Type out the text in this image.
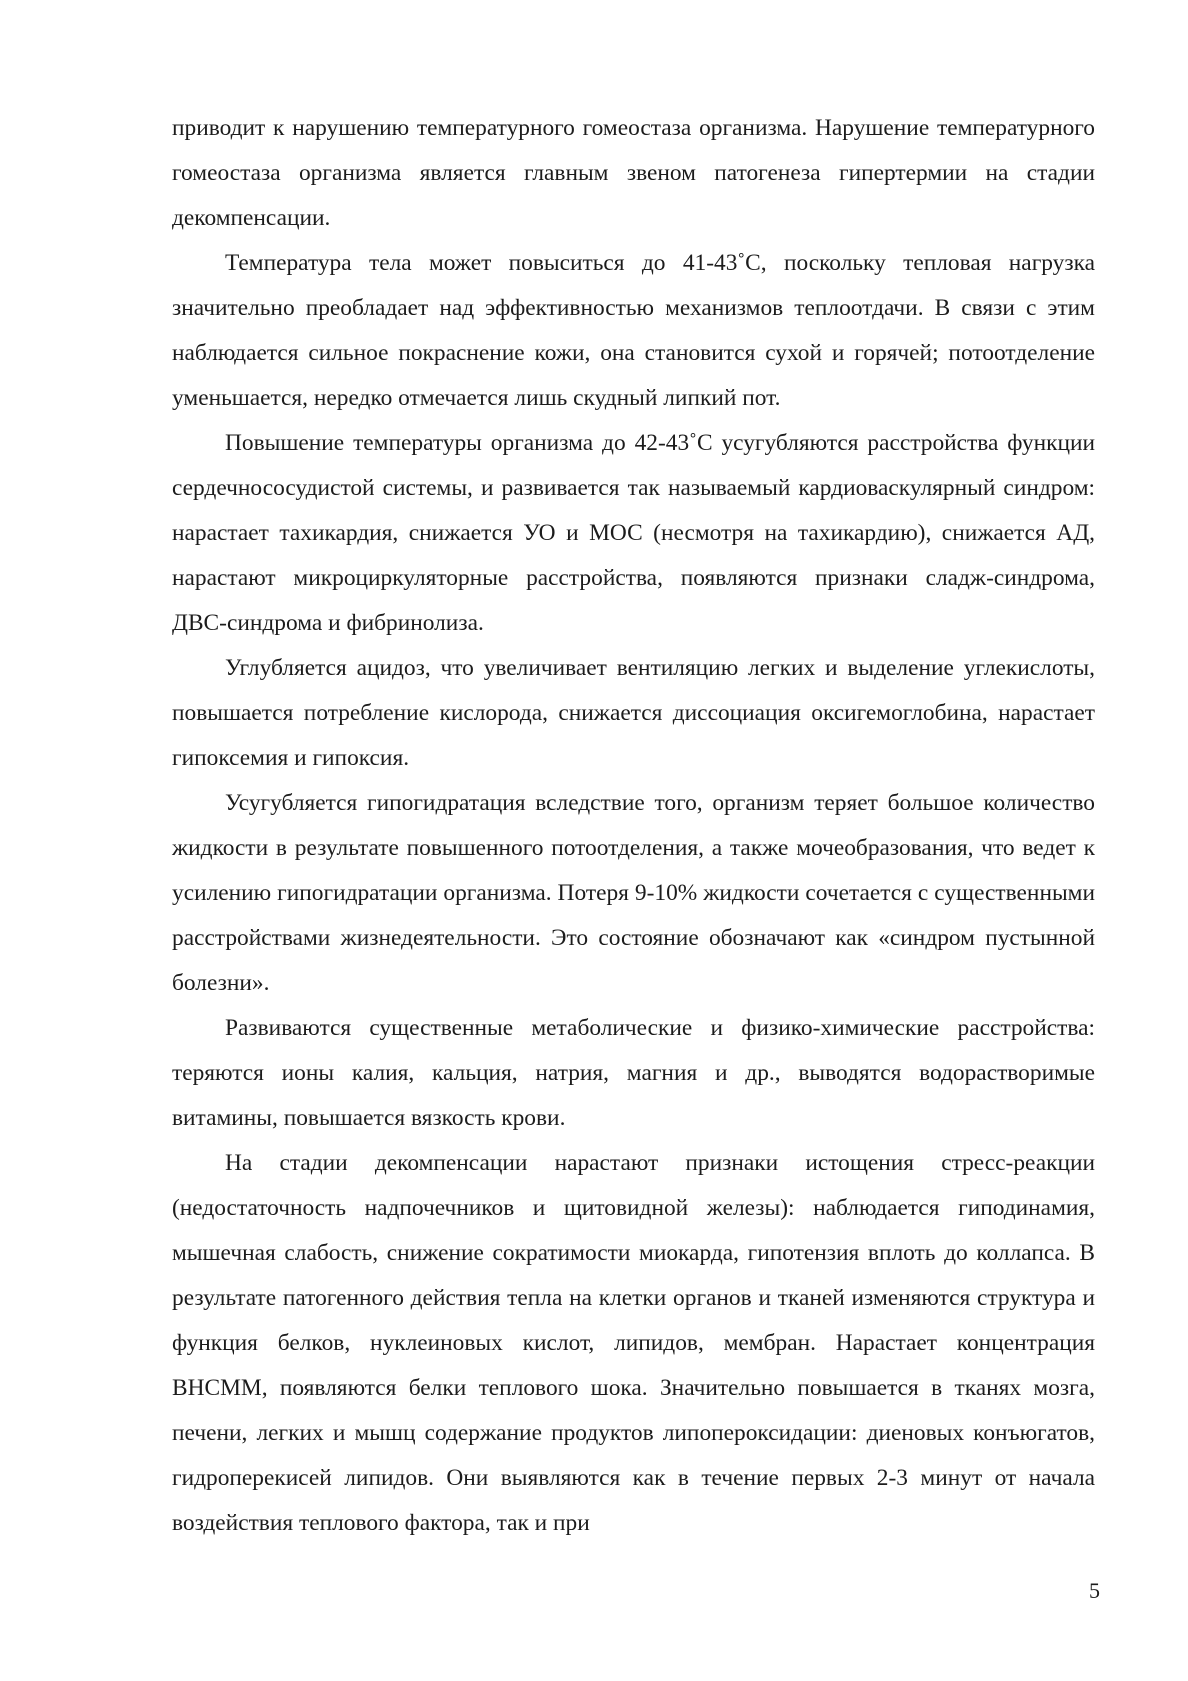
приводит к нарушению температурного гомеостаза организма. Нарушение температурного гомеостаза организма является главным звеном патогенеза гипертермии на стадии декомпенсации.

Температура тела может повыситься до 41-43˚С, поскольку тепловая нагрузка значительно преобладает над эффективностью механизмов теплоотдачи. В связи с этим наблюдается сильное покраснение кожи, она становится сухой и горячей; потоотделение уменьшается, нередко отмечается лишь скудный липкий пот.

Повышение температуры организма до 42-43˚С усугубляются расстройства функции сердечнососудистой системы, и развивается так называемый кардиоваскулярный синдром: нарастает тахикардия, снижается УО и МОС (несмотря на тахикардию), снижается АД, нарастают микроциркуляторные расстройства, появляются признаки сладж-синдрома, ДВС-синдрома и фибринолиза.

Углубляется ацидоз, что увеличивает вентиляцию легких и выделение углекислоты, повышается потребление кислорода, снижается диссоциация оксигемоглобина, нарастает гипоксемия и гипоксия.

Усугубляется гипогидратация вследствие того, организм теряет большое количество жидкости в результате повышенного потоотделения, а также мочеобразования, что ведет к усилению гипогидратации организма. Потеря 9-10% жидкости сочетается с существенными расстройствами жизнедеятельности. Это состояние обозначают как «синдром пустынной болезни».

Развиваются существенные метаболические и физико-химические расстройства: теряются ионы калия, кальция, натрия, магния и др., выводятся водорастворимые витамины, повышается вязкость крови.

На стадии декомпенсации нарастают признаки истощения стресс-реакции (недостаточность надпочечников и щитовидной железы): наблюдается гиподинамия, мышечная слабость, снижение сократимости миокарда, гипотензия вплоть до коллапса. В результате патогенного действия тепла на клетки органов и тканей изменяются структура и функция белков, нуклеиновых кислот, липидов, мембран. Нарастает концентрация ВНСММ, появляются белки теплового шока. Значительно повышается в тканях мозга, печени, легких и мышц содержание продуктов липопероксидации: диеновых конъюгатов, гидроперекисей липидов. Они выявляются как в течение первых 2-3 минут от начала воздействия теплового фактора, так и при

5
